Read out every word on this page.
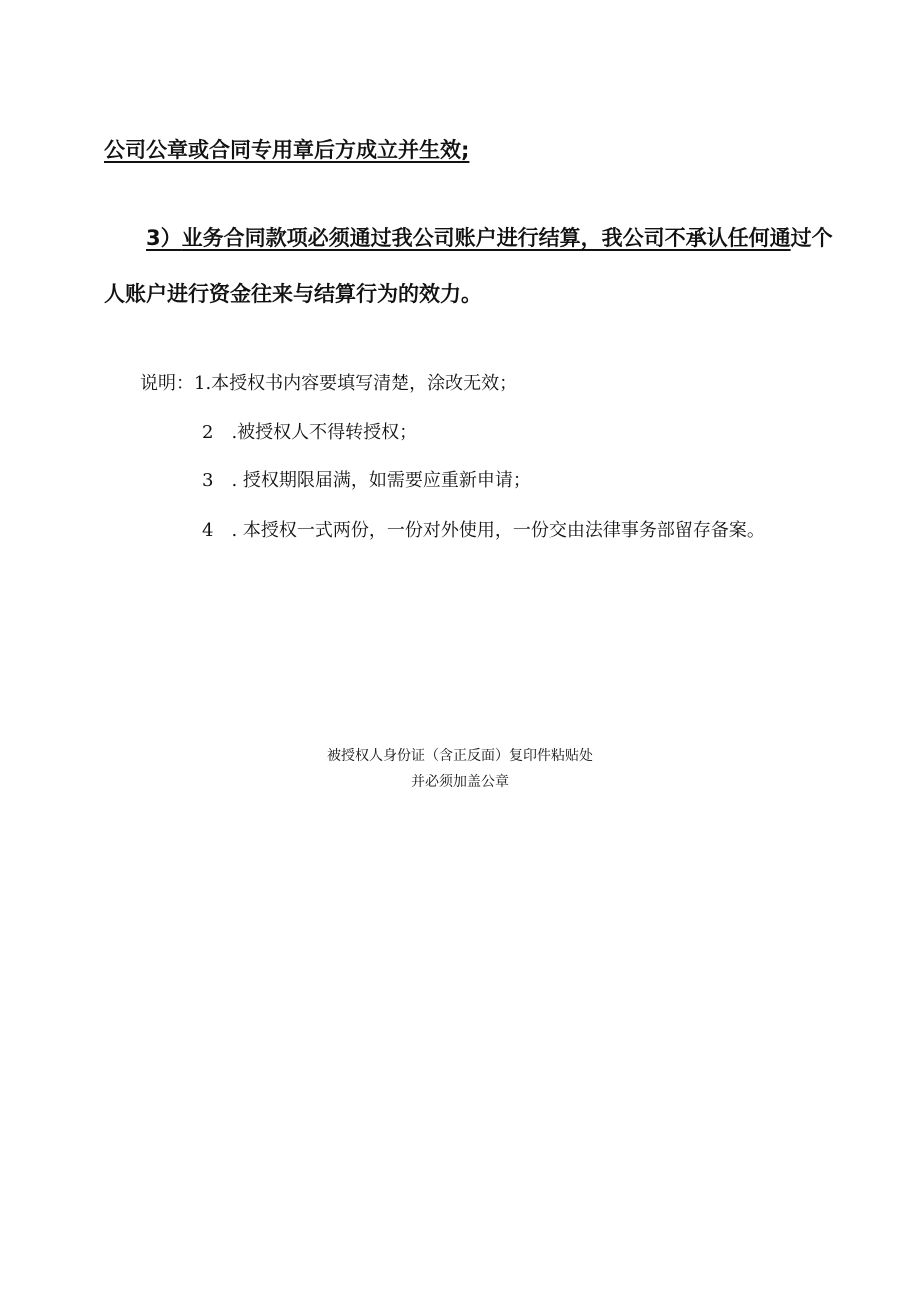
公司公章或合同专用章后方成立并生效;
3）业务合同款项必须通过我公司账户进行结算，我公司不承认任何通过个
人账户进行资金往来与结算行为的效力。
说明：1.本授权书内容要填写清楚，涂改无效；
2　.被授权人不得转授权；
3　. 授权期限届满，如需要应重新申请；
4　. 本授权一式两份，一份对外使用，一份交由法律事务部留存备案。
被授权人身份证（含正反面）复印件粘贴处
并必须加盖公章
